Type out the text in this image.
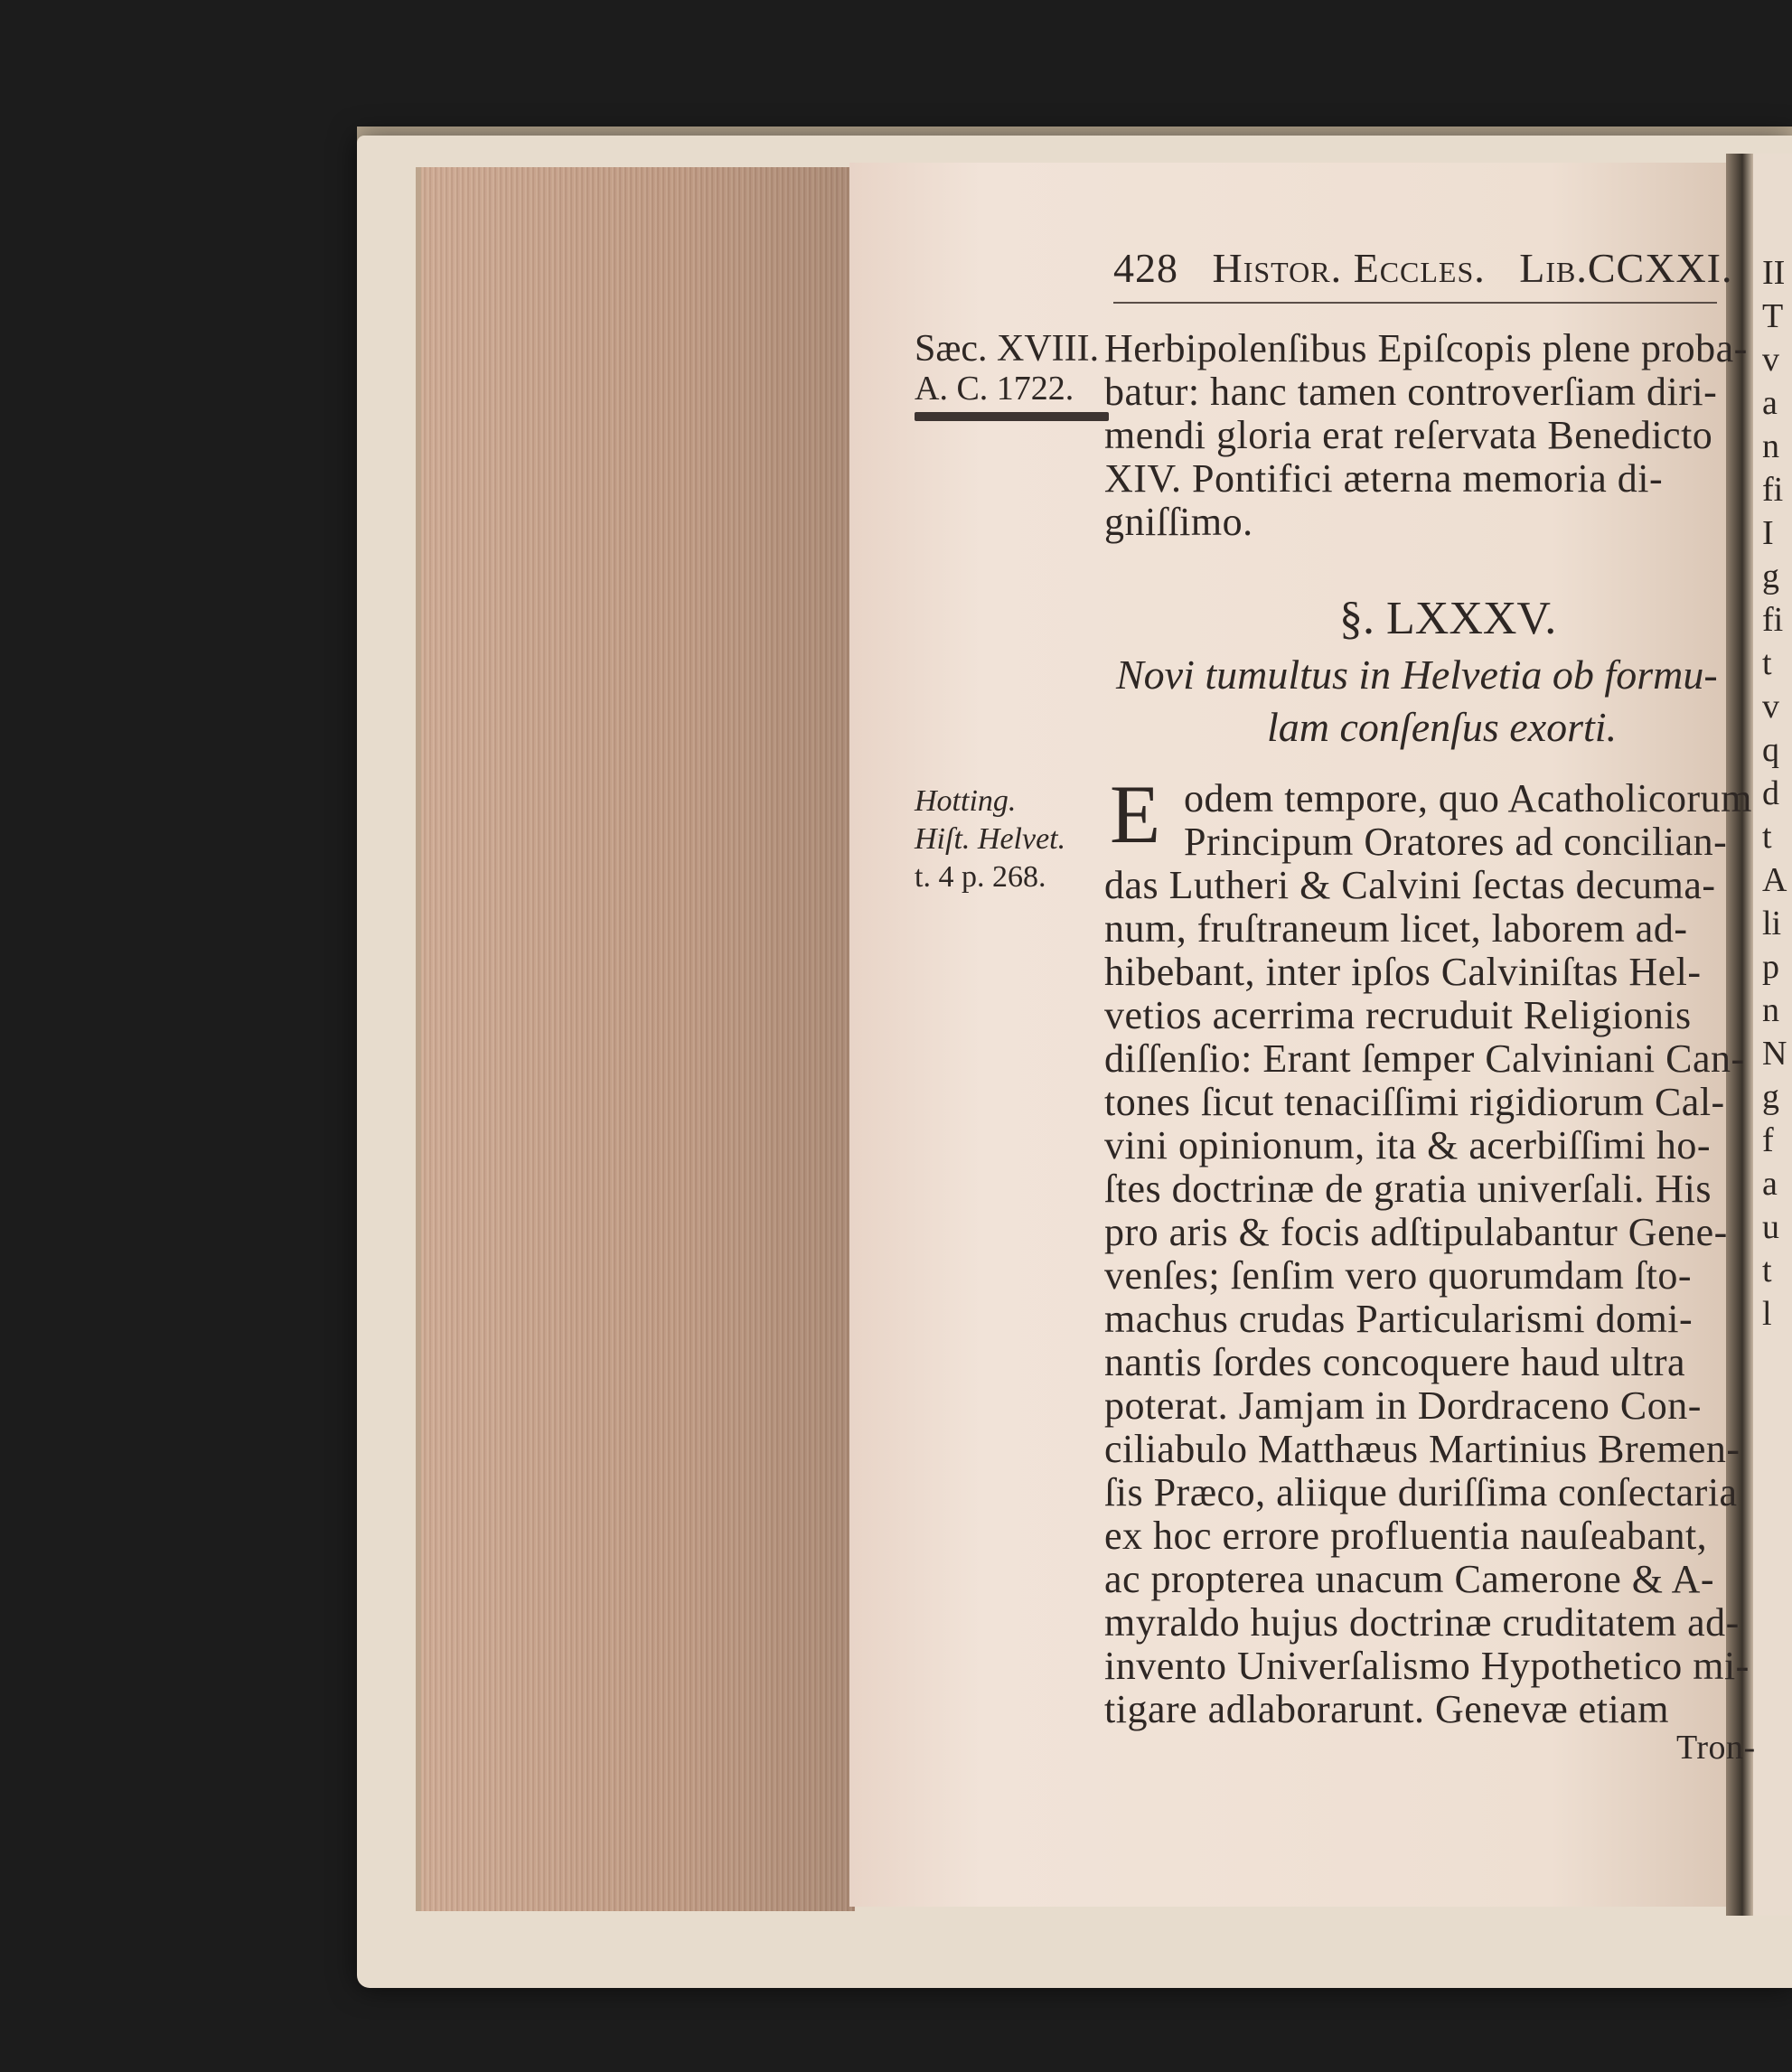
II
T
v
a
n
fi
I
g
fi
t
v
q
d
t
A
li
p
n
N
g
f
a
u
t
l
428 Histor. Eccles. Lib.CCXXI.
Sæc. XVIII.
A. C. 1722.
Herbipolenſibus Epiſcopis plene proba-
batur: hanc tamen controverſiam diri-
mendi gloria erat reſervata Benedicto
XIV. Pontifici æterna memoria di-
gniſſimo.
§. LXXXV.
Novi tumultus in Helvetia ob formu-
lam conſenſus exorti.
Hotting.
Hiſt. Helvet.
t. 4 p. 268.
E odem tempore, quo Acatholicorum
Principum Oratores ad concilian-
das Lutheri & Calvini ſectas decuma-
num, fruſtraneum licet, laborem ad-
hibebant, inter ipſos Calviniſtas Hel-
vetios acerrima recruduit Religionis
diſſenſio: Erant ſemper Calviniani Can-
tones ſicut tenaciſſimi rigidiorum Cal-
vini opinionum, ita & acerbiſſimi ho-
ſtes doctrinæ de gratia univerſali. His
pro aris & focis adſtipulabantur Gene-
venſes; ſenſim vero quorumdam ſto-
machus crudas Particularismi domi-
nantis ſordes concoquere haud ultra
poterat. Jamjam in Dordraceno Con-
ciliabulo Matthæus Martinius Bremen-
ſis Præco, aliique duriſſima conſectaria
ex hoc errore profluentia nauſeabant,
ac propterea unacum Camerone & A-
myraldo hujus doctrinæ cruditatem ad-
invento Univerſalismo Hypothetico mi-
tigare adlaborarunt. Genevæ etiam
Tron-
